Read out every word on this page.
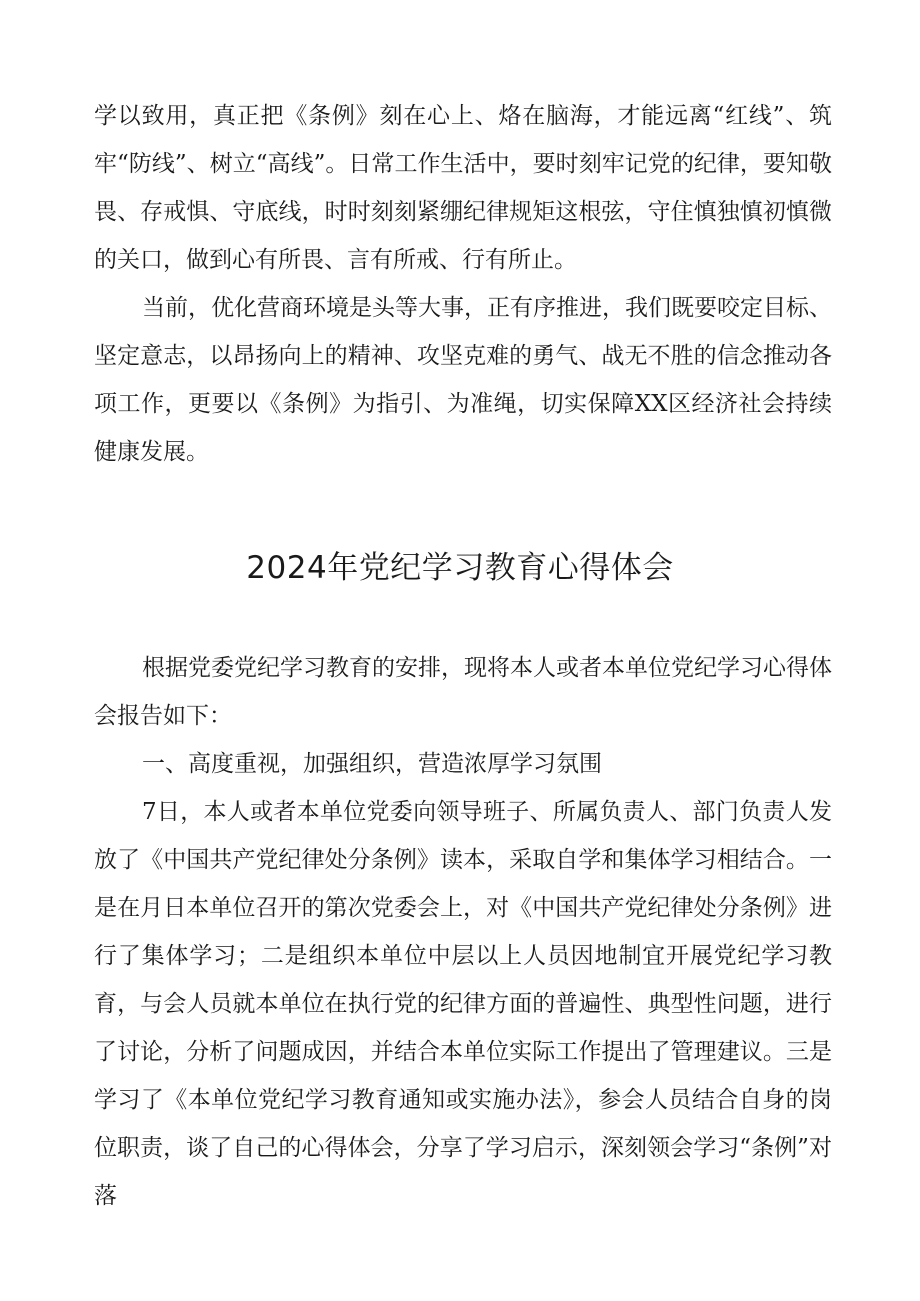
学以致用，真正把《条例》刻在心上、烙在脑海，才能远离“红线”、筑牢“防线”、树立“高线”。日常工作生活中，要时刻牢记党的纪律，要知敬畏、存戒惧、守底线，时时刻刻紧绷纪律规矩这根弦，守住慎独慎初慎微的关口，做到心有所畏、言有所戒、行有所止。

当前，优化营商环境是头等大事，正有序推进，我们既要咬定目标、坚定意志，以昂扬向上的精神、攻坚克难的勇气、战无不胜的信念推动各项工作，更要以《条例》为指引、为准绳，切实保障XX区经济社会持续健康发展。

2024年党纪学习教育心得体会

根据党委党纪学习教育的安排，现将本人或者本单位党纪学习心得体会报告如下：

一、高度重视，加强组织，营造浓厚学习氛围

7日，本人或者本单位党委向领导班子、所属负责人、部门负责人发放了《中国共产党纪律处分条例》读本，采取自学和集体学习相结合。一是在月日本单位召开的第次党委会上，对《中国共产党纪律处分条例》进行了集体学习；二是组织本单位中层以上人员因地制宜开展党纪学习教育，与会人员就本单位在执行党的纪律方面的普遍性、典型性问题，进行了讨论，分析了问题成因，并结合本单位实际工作提出了管理建议。三是学习了《本单位党纪学习教育通知或实施办法》，参会人员结合自身的岗位职责，谈了自己的心得体会，分享了学习启示，深刻领会学习“条例”对落
